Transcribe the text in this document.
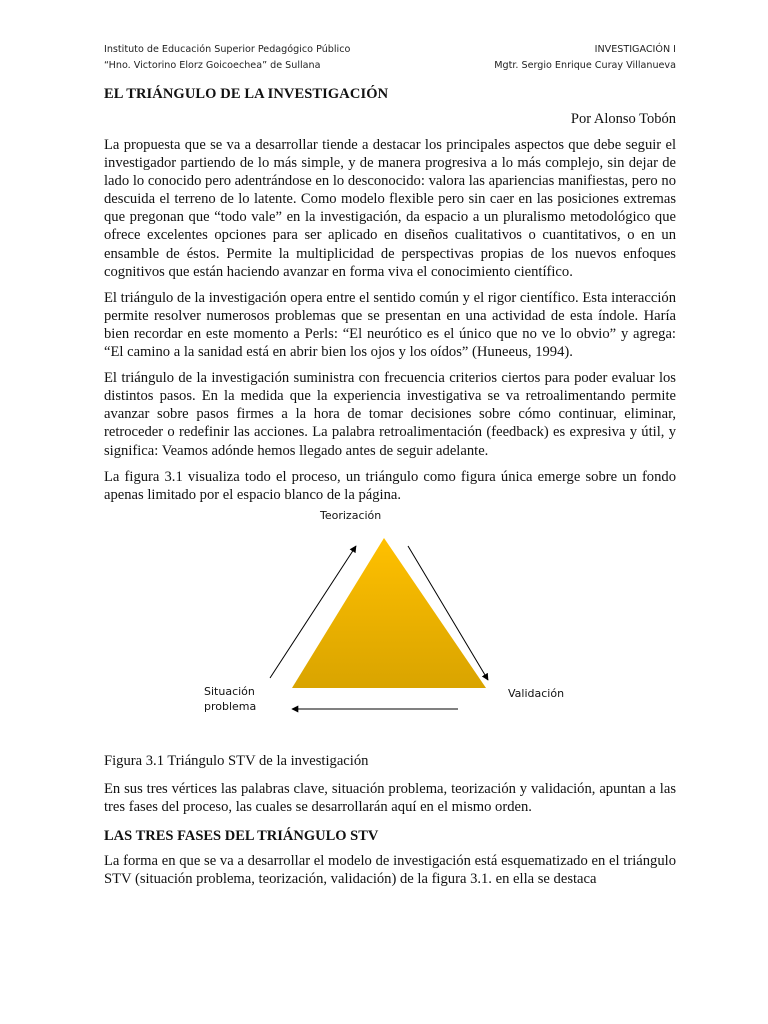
Instituto de Educación Superior Pedagógico Público	INVESTIGACIÓN I
“Hno. Victorino Elorz Goicoechea” de Sullana	Mgtr. Sergio Enrique Curay Villanueva
EL TRIÁNGULO DE LA INVESTIGACIÓN
Por Alonso Tobón

La propuesta que se va a desarrollar tiende a destacar los principales aspectos que debe seguir el investigador partiendo de lo más simple, y de manera progresiva a lo más complejo, sin dejar de lado lo conocido pero adentrándose en lo desconocido: valora las apariencias manifiestas, pero no descuida el terreno de lo latente. Como modelo flexible pero sin caer en las posiciones extremas que pregonan que “todo vale” en la investigación, da espacio a un pluralismo metodológico que ofrece excelentes opciones para ser aplicado en diseños cualitativos o cuantitativos, o en un ensamble de éstos. Permite la multiplicidad de perspectivas propias de los nuevos enfoques cognitivos que están haciendo avanzar en forma viva el conocimiento científico.

El triángulo de la investigación opera entre el sentido común y el rigor científico. Esta interacción permite resolver numerosos problemas que se presentan en una actividad de esta índole. Haría bien recordar en este momento a Perls: “El neurótico es el único que no ve lo obvio” y agrega: “El camino a la sanidad está en abrir bien los ojos y los oídos” (Huneeus, 1994).

El triángulo de la investigación suministra con frecuencia criterios ciertos para poder evaluar los distintos pasos. En la medida que la experiencia investigativa se va retroalimentando permite avanzar sobre pasos firmes a la hora de tomar decisiones sobre cómo continuar, eliminar, retroceder o redefinir las acciones. La palabra retroalimentación (feedback) es expresiva y útil, y significa: Veamos adónde hemos llegado antes de seguir adelante.

La figura 3.1 visualiza todo el proceso, un triángulo como figura única emerge sobre un fondo apenas limitado por el espacio blanco de la página.

Teorización
Situación
problema
Validación
Figura 3.1 Triángulo STV de la investigación

En sus tres vértices las palabras clave, situación problema, teorización y validación, apuntan a las tres fases del proceso, las cuales se desarrollarán aquí en el mismo orden.

LAS TRES FASES DEL TRIÁNGULO STV

La forma en que se va a desarrollar el modelo de investigación está esquematizado en el triángulo STV (situación problema, teorización, validación) de la figura 3.1. en ella se destaca
